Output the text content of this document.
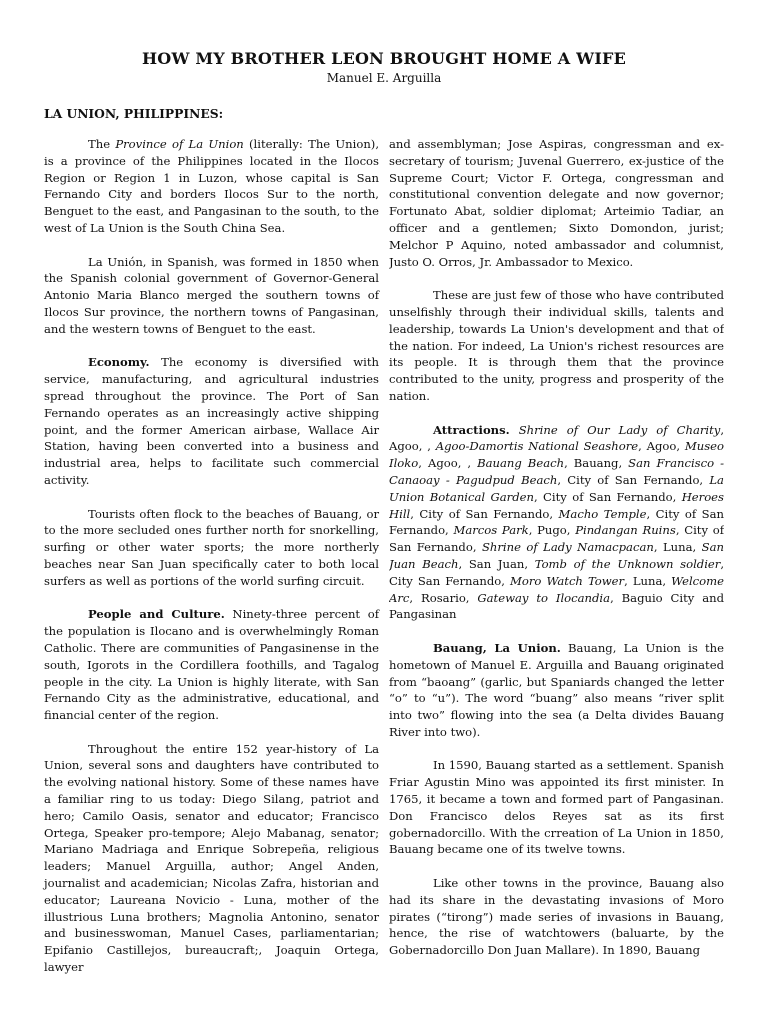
HOW MY BROTHER LEON BROUGHT HOME A WIFE
Manuel E. Arguilla
LA UNION, PHILIPPINES:

The Province of La Union (literally: The Union), is a province of the Philippines located in the Ilocos Region or Region 1 in Luzon, whose capital is San Fernando City and borders Ilocos Sur to the north, Benguet to the east, and Pangasinan to the south, to the west of La Union is the South China Sea.

La Unión, in Spanish, was formed in 1850 when the Spanish colonial government of Governor-General Antonio Maria Blanco merged the southern towns of Ilocos Sur province, the northern towns of Pangasinan, and the western towns of Benguet to the east.

Economy. The economy is diversified with service, manufacturing, and agricultural industries spread throughout the province. The Port of San Fernando operates as an increasingly active shipping point, and the former American airbase, Wallace Air Station, having been converted into a business and industrial area, helps to facilitate such commercial activity.

Tourists often flock to the beaches of Bauang, or to the more secluded ones further north for snorkelling, surfing or other water sports; the more northerly beaches near San Juan specifically cater to both local surfers as well as portions of the world surfing circuit.

People and Culture. Ninety-three percent of the population is Ilocano and is overwhelmingly Roman Catholic. There are communities of Pangasinense in the south, Igorots in the Cordillera foothills, and Tagalog people in the city. La Union is highly literate, with San Fernando City as the administrative, educational, and financial center of the region.

Throughout the entire 152 year-history of La Union, several sons and daughters have contributed to the evolving national history. Some of these names have a familiar ring to us today: Diego Silang, patriot and hero; Camilo Oasis, senator and educator; Francisco Ortega, Speaker pro-tempore; Alejo Mabanag, senator; Mariano Madriaga and Enrique Sobrepeña, religious leaders; Manuel Arguilla, author; Angel Anden, journalist and academician; Nicolas Zafra, historian and educator; Laureana Novicio - Luna, mother of the illustrious Luna brothers; Magnolia Antonino, senator and businesswoman, Manuel Cases, parliamentarian; Epifanio Castillejos, bureaucraft;, Joaquin Ortega, lawyer

and assemblyman; Jose Aspiras, congressman and ex-secretary of tourism; Juvenal Guerrero, ex-justice of the Supreme Court; Victor F. Ortega, congressman and constitutional convention delegate and now governor; Fortunato Abat, soldier diplomat; Arteimio Tadiar, an officer and a gentlemen; Sixto Domondon, jurist; Melchor P Aquino, noted ambassador and columnist, Justo O. Orros, Jr. Ambassador to Mexico.

These are just few of those who have contributed unselfishly through their individual skills, talents and leadership, towards La Union's development and that of the nation. For indeed, La Union's richest resources are its people. It is through them that the province contributed to the unity, progress and prosperity of the nation.

Attractions. Shrine of Our Lady of Charity, Agoo, , Agoo-Damortis National Seashore, Agoo, Museo Iloko, Agoo, , Bauang Beach, Bauang, San Francisco - Canaoay - Pagudpud Beach, City of San Fernando, La Union Botanical Garden, City of San Fernando, Heroes Hill, City of San Fernando, Macho Temple, City of San Fernando, Marcos Park, Pugo, Pindangan Ruins, City of San Fernando, Shrine of Lady Namacpacan, Luna, San Juan Beach, San Juan, Tomb of the Unknown soldier, City San Fernando, Moro Watch Tower, Luna, Welcome Arc, Rosario, Gateway to Ilocandia, Baguio City and Pangasinan

Bauang, La Union. Bauang, La Union is the hometown of Manuel E. Arguilla and Bauang originated from “baoang” (garlic, but Spaniards changed the letter “o” to “u”). The word “buang” also means “river split into two” flowing into the sea (a Delta divides Bauang River into two).

In 1590, Bauang started as a settlement. Spanish Friar Agustin Mino was appointed its first minister. In 1765, it became a town and formed part of Pangasinan. Don Francisco delos Reyes sat as its first gobernadorcillo. With the crreation of La Union in 1850, Bauang became one of its twelve towns.

Like other towns in the province, Bauang also had its share in the devastating invasions of Moro pirates (“tirong”) made series of invasions in Bauang, hence, the rise of watchtowers (baluarte, by the Gobernadorcillo Don Juan Mallare). In 1890, Bauang
